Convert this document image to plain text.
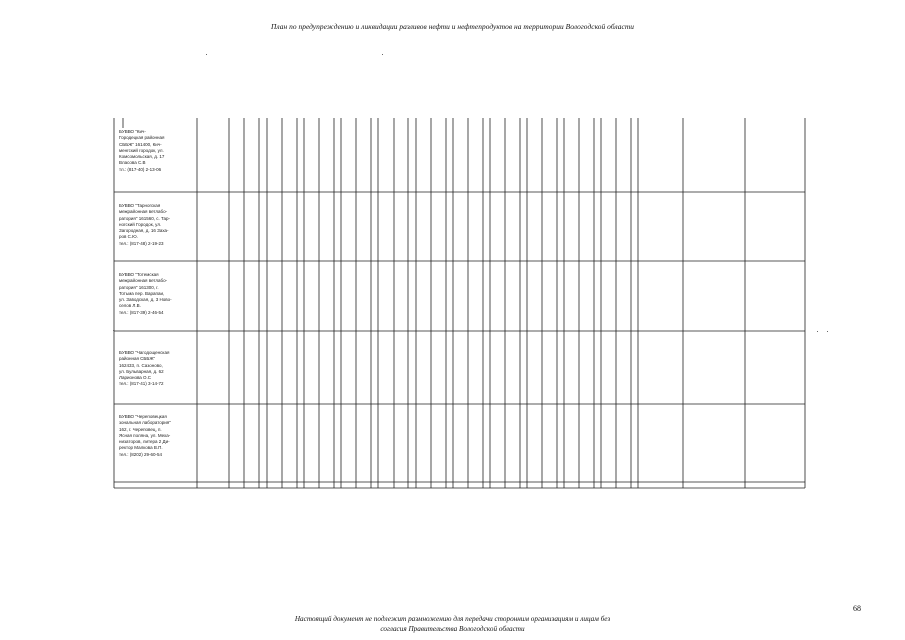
План по предупреждению и ликвидации разливов нефти и нефтепродуктов на территории Вологодской области
БУВВО "Кич-
Городецкая районная
СББЖ" 161400, Кич-
менгский городок, ул.
Комсомольская, д. 17
Власова С.В
тл.: (817-40) 2-13-06
БУВВО "Тарногская
межрайонная ветлабо-
ратория" 161560, с. Тар-
ногский Городок, ул.
Загородная, д. 16 Заха-
ров С.Ю.
тел.: (817-48) 2-19-23
БУВВО "Тотемская
межрайонная ветлабо-
ратория" 161300, г.
Тотьма пер. Варапаи,
ул. Заводская, д. 3 Ново-
селов Л.В.
тел.: (817-39) 2-46-54
БУВВО "Чагодощенская
районная СББЖ"
162433, п. Сазоново,
ул. Бульварная, д. 62
Ларионова О.С
тел.: (817-41) 3-14-72
БУВВО "Череповецкая
зональная лаборатория"
162, г. Череповец, п.
Ясная поляна, ул. Меха-
низаторов, литера 2 Ди-
ректор Малкова В.П.
тел.: (8202) 29-60-54
68
Настоящий документ не подлежит размножению для передачи сторонним организациям и лицам без
согласия Правительства Вологодской области
